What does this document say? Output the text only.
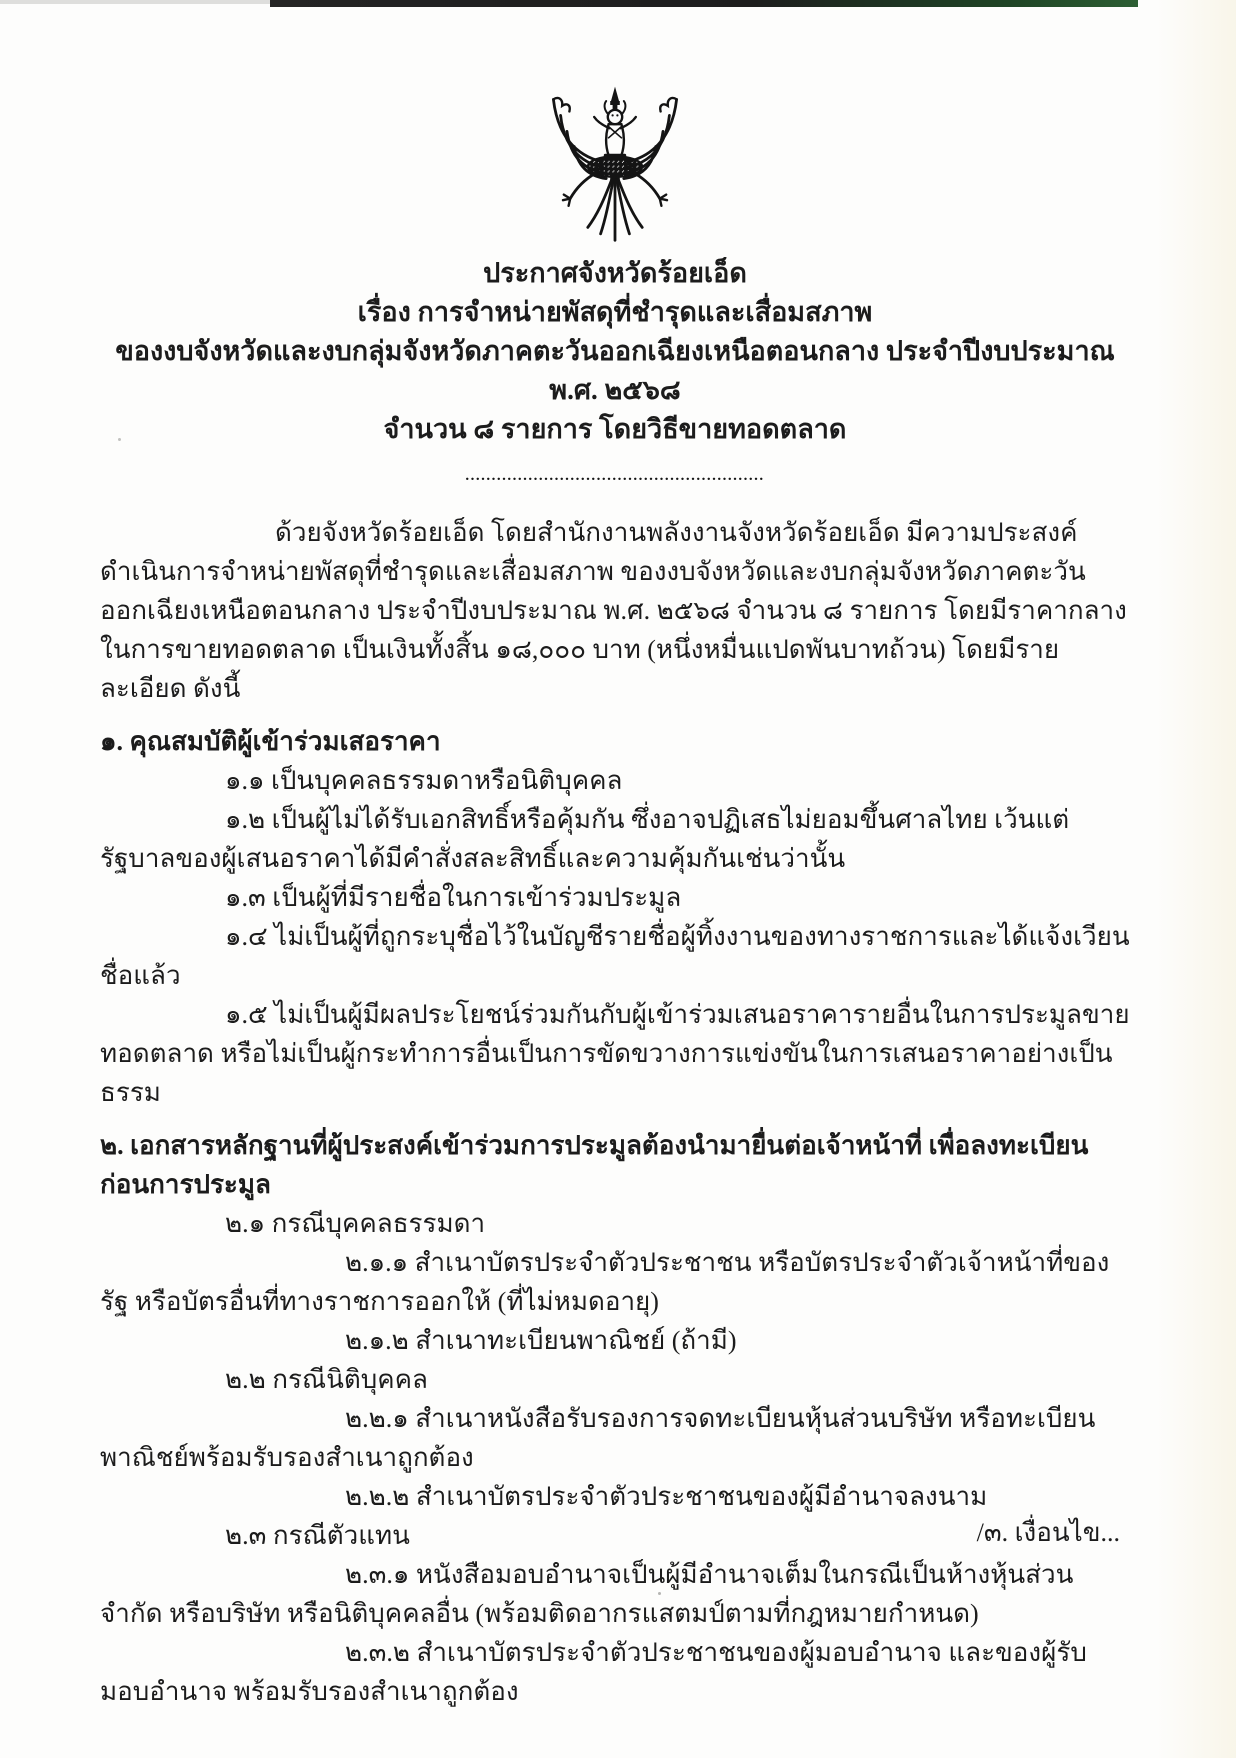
ประกาศจังหวัดร้อยเอ็ด

เรื่อง การจำหน่ายพัสดุที่ชำรุดและเสื่อมสภาพ

ของงบจังหวัดและงบกลุ่มจังหวัดภาคตะวันออกเฉียงเหนือตอนกลาง ประจำปีงบประมาณ พ.ศ. ๒๕๖๘

จำนวน ๘ รายการ โดยวิธีขายทอดตลาด

.........................................................

ด้วยจังหวัดร้อยเอ็ด โดยสำนักงานพลังงานจังหวัดร้อยเอ็ด มีความประสงค์ดำเนินการจำหน่ายพัสดุที่ชำรุดและเสื่อมสภาพ ของงบจังหวัดและงบกลุ่มจังหวัดภาคตะวันออกเฉียงเหนือตอนกลาง ประจำปีงบประมาณ พ.ศ. ๒๕๖๘ จำนวน ๘ รายการ โดยมีราคากลางในการขายทอดตลาด เป็นเงินทั้งสิ้น ๑๘,๐๐๐ บาท (หนึ่งหมื่นแปดพันบาทถ้วน) โดยมีรายละเอียด ดังนี้

๑. คุณสมบัติผู้เข้าร่วมเสอราคา

๑.๑ เป็นบุคคลธรรมดาหรือนิติบุคคล

๑.๒ เป็นผู้ไม่ได้รับเอกสิทธิ์หรือคุ้มกัน ซึ่งอาจปฏิเสธไม่ยอมขึ้นศาลไทย เว้นแต่รัฐบาลของผู้เสนอราคาได้มีคำสั่งสละสิทธิ์และความคุ้มกันเช่นว่านั้น

๑.๓ เป็นผู้ที่มีรายชื่อในการเข้าร่วมประมูล

๑.๔ ไม่เป็นผู้ที่ถูกระบุชื่อไว้ในบัญชีรายชื่อผู้ทิ้งงานของทางราชการและได้แจ้งเวียนชื่อแล้ว

๑.๕ ไม่เป็นผู้มีผลประโยชน์ร่วมกันกับผู้เข้าร่วมเสนอราคารายอื่นในการประมูลขายทอดตลาด หรือไม่เป็นผู้กระทำการอื่นเป็นการขัดขวางการแข่งขันในการเสนอราคาอย่างเป็นธรรม

๒. เอกสารหลักฐานที่ผู้ประสงค์เข้าร่วมการประมูลต้องนำมายื่นต่อเจ้าหน้าที่ เพื่อลงทะเบียนก่อนการประมูล

๒.๑ กรณีบุคคลธรรมดา

๒.๑.๑ สำเนาบัตรประจำตัวประชาชน หรือบัตรประจำตัวเจ้าหน้าที่ของรัฐ หรือบัตรอื่นที่ทางราชการออกให้ (ที่ไม่หมดอายุ)

๒.๑.๒ สำเนาทะเบียนพาณิชย์ (ถ้ามี)

๒.๒ กรณีนิติบุคคล

๒.๒.๑ สำเนาหนังสือรับรองการจดทะเบียนหุ้นส่วนบริษัท หรือทะเบียนพาณิชย์พร้อมรับรองสำเนาถูกต้อง

๒.๒.๒ สำเนาบัตรประจำตัวประชาชนของผู้มีอำนาจลงนาม

๒.๓ กรณีตัวแทน

๒.๓.๑ หนังสือมอบอำนาจเป็นผู้มีอำนาจเต็มในกรณีเป็นห้างหุ้นส่วนจำกัด หรือบริษัท หรือนิติบุคคลอื่น (พร้อมติดอากรแสตมป์ตามที่กฎหมายกำหนด)

๒.๓.๒ สำเนาบัตรประจำตัวประชาชนของผู้มอบอำนาจ และของผู้รับมอบอำนาจ พร้อมรับรองสำเนาถูกต้อง

/๓. เงื่อนไข...
